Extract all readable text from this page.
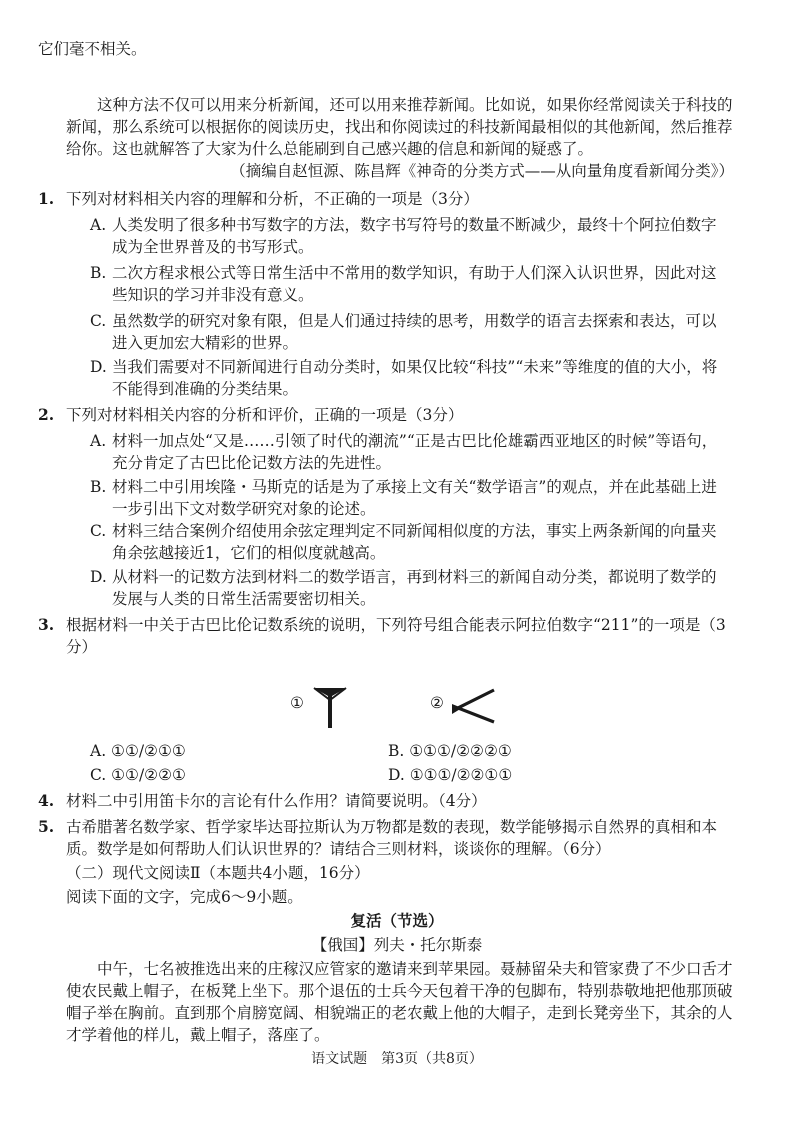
它们毫不相关。
这种方法不仅可以用来分析新闻，还可以用来推荐新闻。比如说，如果你经常阅读关于科技的新闻，那么系统可以根据你的阅读历史，找出和你阅读过的科技新闻最相似的其他新闻，然后推荐给你。这也就解答了大家为什么总能刷到自己感兴趣的信息和新闻的疑惑了。
（摘编自赵恒源、陈昌辉《神奇的分类方式——从向量角度看新闻分类》）
1. 下列对材料相关内容的理解和分析，不正确的一项是（3分）
A. 人类发明了很多种书写数字的方法，数字书写符号的数量不断减少，最终十个阿拉伯数字成为全世界普及的书写形式。
B. 二次方程求根公式等日常生活中不常用的数学知识，有助于人们深入认识世界，因此对这些知识的学习并非没有意义。
C. 虽然数学的研究对象有限，但是人们通过持续的思考，用数学的语言去探索和表达，可以进入更加宏大精彩的世界。
D. 当我们需要对不同新闻进行自动分类时，如果仅比较“科技”“未来”等维度的值的大小，将不能得到准确的分类结果。
2. 下列对材料相关内容的分析和评价，正确的一项是（3分）
A. 材料一加点处“又是……引领了时代的潮流”“正是古巴比伦雄霸西亚地区的时候”等语句，充分肯定了古巴比伦记数方法的先进性。
B. 材料二中引用埃隆・马斯克的话是为了承接上文有关“数学语言”的观点，并在此基础上进一步引出下文对数学研究对象的论述。
C. 材料三结合案例介绍使用余弦定理判定不同新闻相似度的方法，事实上两条新闻的向量夹角余弦越接近1，它们的相似度就越高。
D. 从材料一的记数方法到材料二的数学语言，再到材料三的新闻自动分类，都说明了数学的发展与人类的日常生活需要密切相关。
3. 根据材料一中关于古巴比伦记数系统的说明，下列符号组合能表示阿拉伯数字“211”的一项是（3分）
①	②
A. ①①/②①①	B. ①①①/②②②①
C. ①①/②②①	D. ①①①/②②①①
4. 材料二中引用笛卡尔的言论有什么作用？请简要说明。（4分）
5. 古希腊著名数学家、哲学家毕达哥拉斯认为万物都是数的表现，数学能够揭示自然界的真相和本质。数学是如何帮助人们认识世界的？请结合三则材料，谈谈你的理解。（6分）
（二）现代文阅读Ⅱ（本题共4小题，16分）
阅读下面的文字，完成6～9小题。
复活（节选）
【俄国】列夫・托尔斯泰
中午，七名被推选出来的庄稼汉应管家的邀请来到苹果园。聂赫留朵夫和管家费了不少口舌才使农民戴上帽子，在板凳上坐下。那个退伍的士兵今天包着干净的包脚布，特别恭敬地把他那顶破帽子举在胸前。直到那个肩膀宽阔、相貌端正的老农戴上他的大帽子，走到长凳旁坐下，其余的人才学着他的样儿，戴上帽子，落座了。
语文试题　第3页（共8页）
